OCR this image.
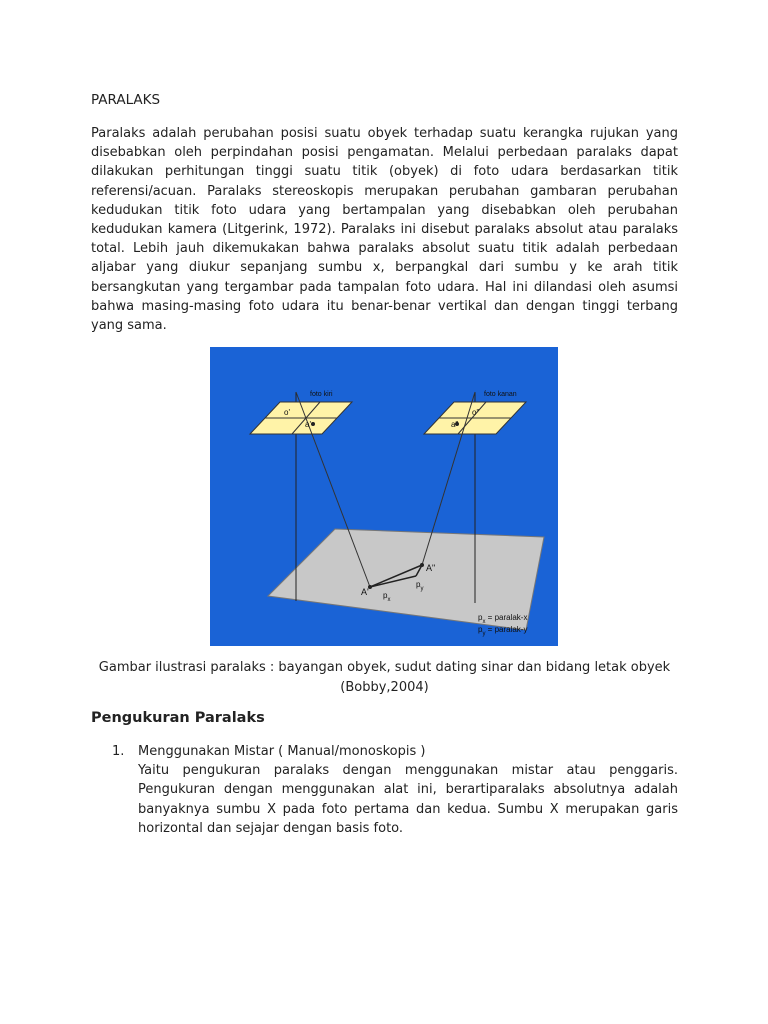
PARALAKS

Paralaks adalah perubahan posisi suatu obyek terhadap suatu kerangka rujukan yang disebabkan oleh perpindahan posisi pengamatan. Melalui perbedaan paralaks dapat dilakukan perhitungan tinggi suatu titik (obyek) di foto udara berdasarkan titik referensi/acuan. Paralaks stereoskopis merupakan perubahan gambaran perubahan kedudukan titik foto udara yang bertampalan yang disebabkan oleh perubahan kedudukan kamera (Litgerink, 1972). Paralaks ini disebut paralaks absolut atau paralaks total. Lebih jauh dikemukakan bahwa paralaks absolut suatu titik adalah perbedaan aljabar yang diukur sepanjang sumbu x, berpangkal dari sumbu y ke arah titik bersangkutan yang tergambar pada tampalan foto udara. Hal ini dilandasi oleh asumsi bahwa masing-masing foto udara itu benar-benar vertikal dan dengan tinggi terbang yang sama.

foto kiri	foto kanan
o'
a'
o"
a"
A'
A"
$p_x$
$p_y$
$p_x$ = paralak-x
$p_y$ = paralak-y

Gambar ilustrasi paralaks : bayangan obyek, sudut dating sinar dan bidang letak obyek (Bobby,2004)

Pengukuran Paralaks
1. Menggunakan Mistar ( Manual/monoskopis )
Yaitu pengukuran paralaks dengan menggunakan mistar atau penggaris. Pengukuran dengan menggunakan alat ini, berartiparalaks absolutnya adalah banyaknya sumbu X pada foto pertama dan kedua. Sumbu X merupakan garis horizontal dan sejajar dengan basis foto.
